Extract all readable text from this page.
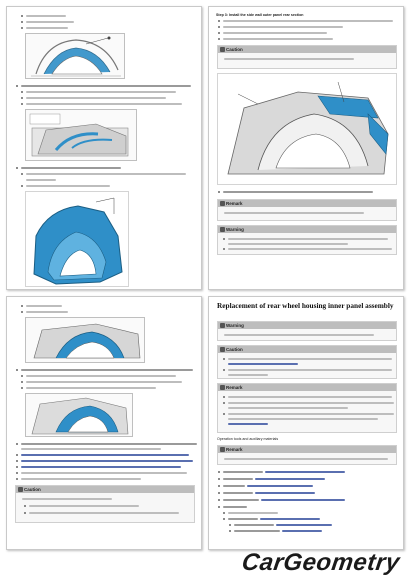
Step 3: Install the side wall outer panel rear section
Caution
Remark
Warning
Caution
Replacement of rear wheel housing inner panel assembly
Warning
Caution
Remark
Operation tools and auxiliary materials
Remark
CarGeometry
